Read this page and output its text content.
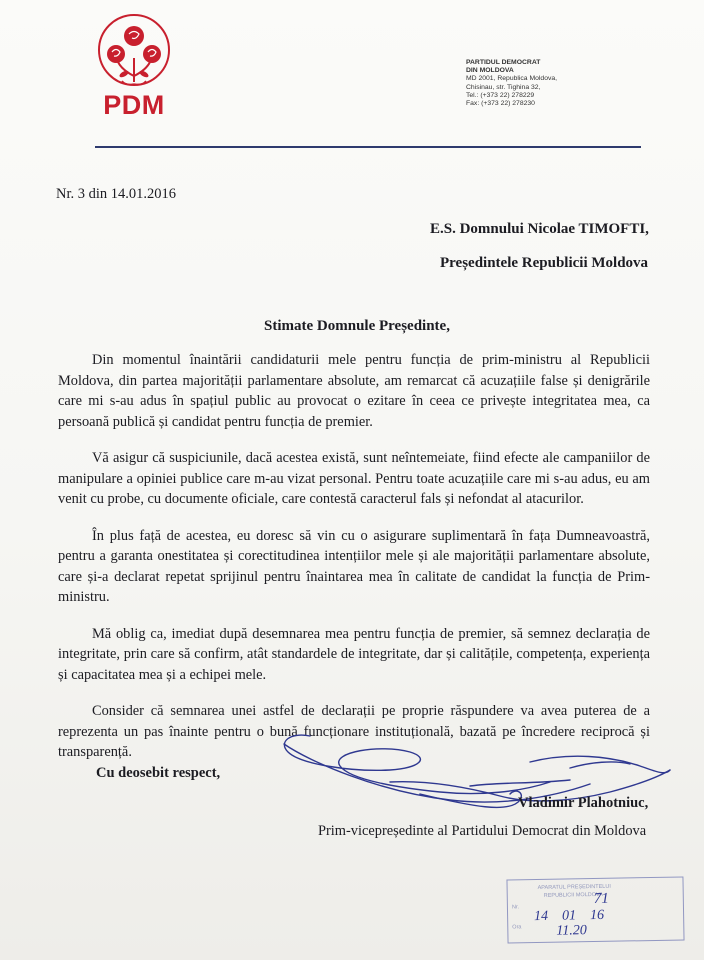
PDM
PARTIDUL DEMOCRAT
DIN MOLDOVA
MD 2001, Republica Moldova,
Chisinau, str. Tighina 32,
Tel.: (+373 22) 278229
Fax: (+373 22) 278230
Nr. 3 din 14.01.2016
E.S. Domnului Nicolae TIMOFTI,
Președintele Republicii Moldova
Stimate Domnule Președinte,

Din momentul înaintării candidaturii mele pentru funcția de prim-ministru al Republicii Moldova, din partea majorității parlamentare absolute, am remarcat că acuzațiile false și denigrările care mi s-au adus în spațiul public au provocat o ezitare în ceea ce privește integritatea mea, ca persoană publică și candidat pentru funcția de premier.

Vă asigur că suspiciunile, dacă acestea există, sunt neîntemeiate, fiind efecte ale campaniilor de manipulare a opiniei publice care m-au vizat personal. Pentru toate acuzațiile care mi s-au adus, eu am venit cu probe, cu documente oficiale, care contestă caracterul fals și nefondat al atacurilor.

În plus față de acestea, eu doresc să vin cu o asigurare suplimentară în fața Dumneavoastră, pentru a garanta onestitatea și corectitudinea intențiilor mele și ale majorității parlamentare absolute, care și-a declarat repetat sprijinul pentru înaintarea mea în calitate de candidat la funcția de Prim-ministru.

Mă oblig ca, imediat după desemnarea mea pentru funcția de premier, să semnez declarația de integritate, prin care să confirm, atât standardele de integritate, dar și calitățile, competența, experiența și capacitatea mea și a echipei mele.

Consider că semnarea unei astfel de declarații pe proprie răspundere va avea puterea de a reprezenta un pas înainte pentru o bună funcționare instituțională, bazată pe încredere reciprocă și transparență.

Cu deosebit respect,
Vladimir Plahotniuc,
Prim-vicepreședinte al Partidului Democrat din Moldova
APARATUL PREȘEDINTELUI
REPUBLICII MOLDOVA
Nr.
Ora
71
14    01    16
11.20
